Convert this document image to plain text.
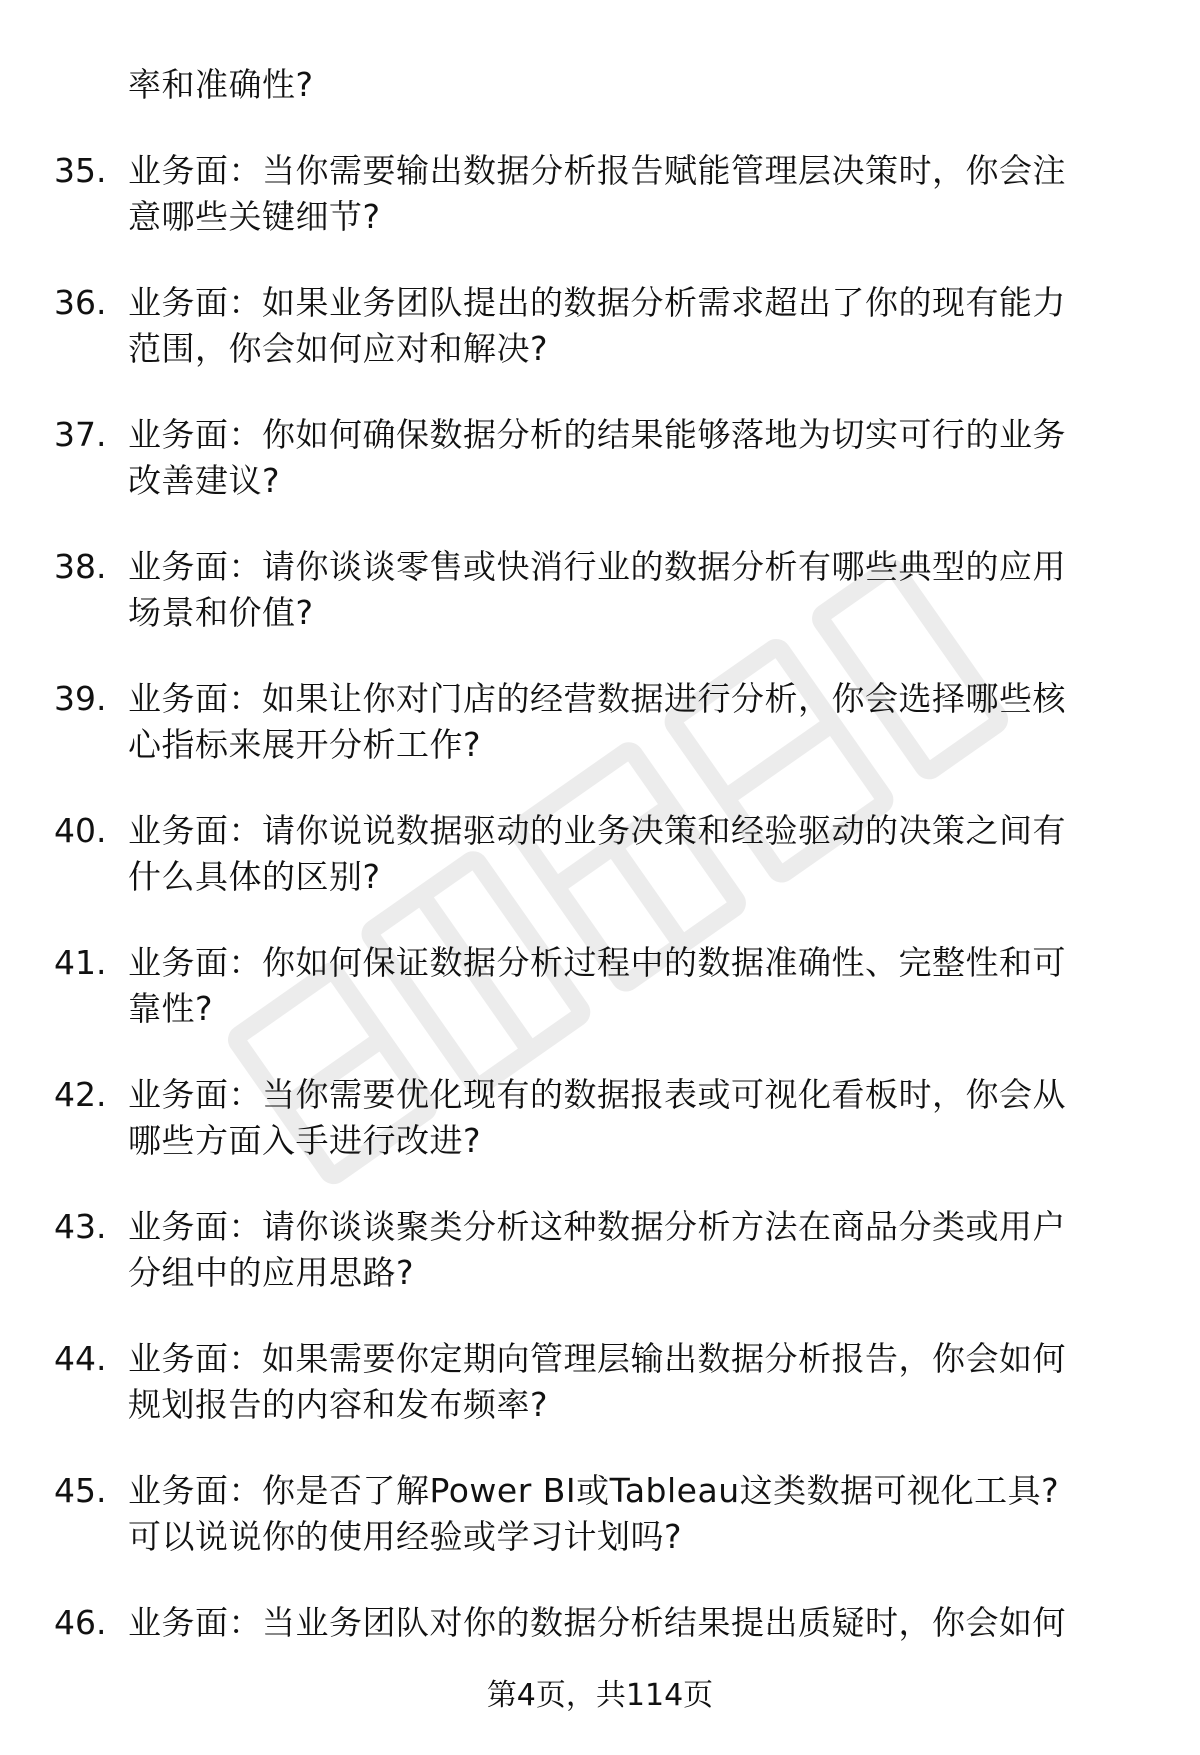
率和准确性?
35. 业务面：当你需要输出数据分析报告赋能管理层决策时，你会注
意哪些关键细节?
36. 业务面：如果业务团队提出的数据分析需求超出了你的现有能力
范围，你会如何应对和解决?
37. 业务面：你如何确保数据分析的结果能够落地为切实可行的业务
改善建议?
38. 业务面：请你谈谈零售或快消行业的数据分析有哪些典型的应用
场景和价值?
39. 业务面：如果让你对门店的经营数据进行分析，你会选择哪些核
心指标来展开分析工作?
40. 业务面：请你说说数据驱动的业务决策和经验驱动的决策之间有
什么具体的区别?
41. 业务面：你如何保证数据分析过程中的数据准确性、完整性和可
靠性?
42. 业务面：当你需要优化现有的数据报表或可视化看板时，你会从
哪些方面入手进行改进?
43. 业务面：请你谈谈聚类分析这种数据分析方法在商品分类或用户
分组中的应用思路?
44. 业务面：如果需要你定期向管理层输出数据分析报告，你会如何
规划报告的内容和发布频率?
45. 业务面：你是否了解Power BI或Tableau这类数据可视化工具?
可以说说你的使用经验或学习计划吗?
46. 业务面：当业务团队对你的数据分析结果提出质疑时，你会如何
第4页，共114页
